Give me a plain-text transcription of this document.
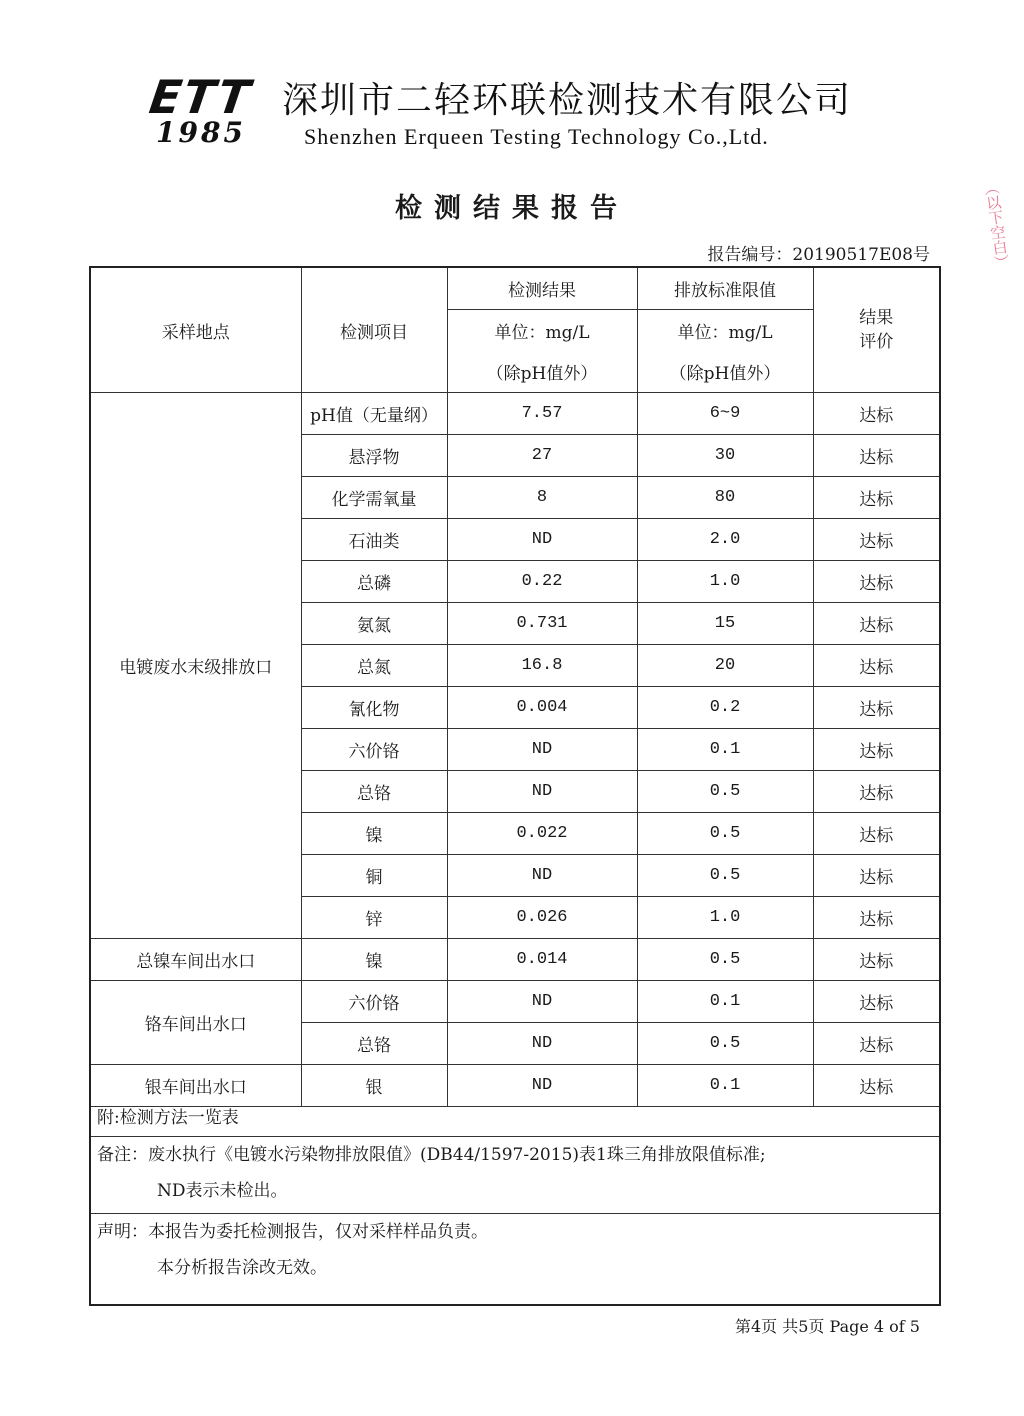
ETT
1985
深圳市二轻环联检测技术有限公司
Shenzhen Erqueen Testing Technology Co.,Ltd.
检测结果报告
报告编号：20190517E08号	（以下空白）
采样地点	检测项目	检测结果	排放标准限值	结果评价
		单位：mg/L	单位：mg/L	
		（除pH值外）	（除pH值外）	
电镀废水末级排放口	pH值（无量纲）	7.57	6~9	达标
	悬浮物	27	30	达标
	化学需氧量	8	80	达标
	石油类	ND	2.0	达标
	总磷	0.22	1.0	达标
	氨氮	0.731	15	达标
	总氮	16.8	20	达标
	氰化物	0.004	0.2	达标
	六价铬	ND	0.1	达标
	总铬	ND	0.5	达标
	镍	0.022	0.5	达标
	铜	ND	0.5	达标
	锌	0.026	1.0	达标
总镍车间出水口	镍	0.014	0.5	达标
铬车间出水口	六价铬	ND	0.1	达标
	总铬	ND	0.5	达标
银车间出水口	银	ND	0.1	达标
附:检测方法一览表
备注：废水执行《电镀水污染物排放限值》(DB44/1597-2015)表1珠三角排放限值标准;
ND表示未检出。
声明：本报告为委托检测报告，仅对采样样品负责。
本分析报告涂改无效。
第4页 共5页 Page 4 of 5
